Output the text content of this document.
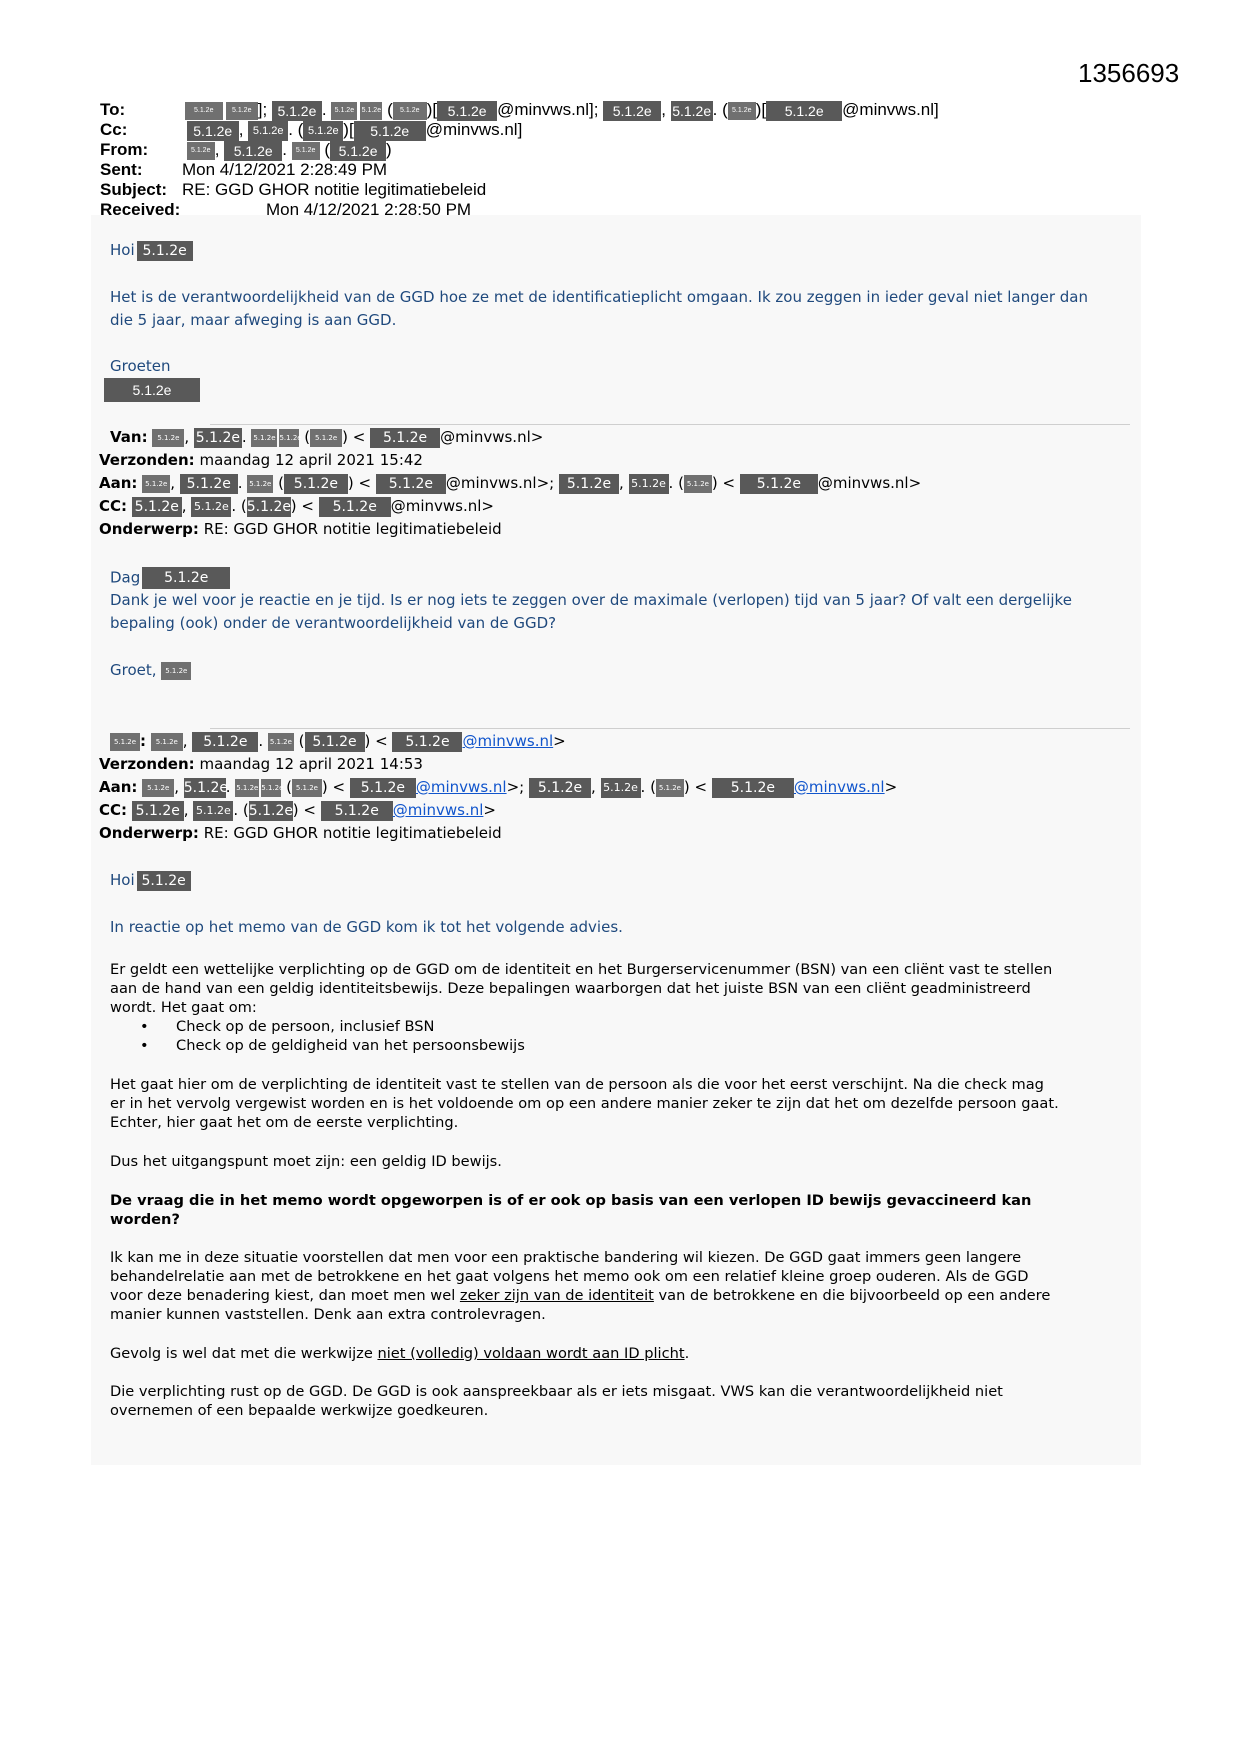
1356693
To:	5.1.2e	5.1.2e ]; 5.1.2e . 5.1.2e 5.1.2e ( 5.1.2e )[ 5.1.2e @minvws.nl]; 5.1.2e , 5.1.2e. ( 5.1.2e )[ 5.1.2e @minvws.nl]
Cc:	5.1.2e , 5.1.2e . ( 5.1.2e )[ 5.1.2e @minvws.nl]
From:	5.1.2e , 5.1.2e . 5.1.2e ( 5.1.2e )
Sent: Mon 4/12/2021 2:28:49 PM
Subject: RE: GGD GHOR notitie legitimatiebeleid
Received:	Mon 4/12/2021 2:28:50 PM
Hoi 5.1.2e
Het is de verantwoordelijkheid van de GGD hoe ze met de identificatieplicht omgaan. Ik zou zeggen in ieder geval niet langer dan
die 5 jaar, maar afweging is aan GGD.
Groeten
5.1.2e
Van: 5.1.2e , 5.1.2e . 5.1.2e 5.1.2e ( 5.1.2e ) < 5.1.2e @minvws.nl>
Verzonden: maandag 12 april 2021 15:42
Aan: 5.1.2e , 5.1.2e . 5.1.2e ( 5.1.2e ) < 5.1.2e @minvws.nl>; 5.1.2e , 5.1.2e . ( 5.1.2e ) < 5.1.2e @minvws.nl>
CC: 5.1.2e , 5.1.2e . (5.1.2e) < 5.1.2e @minvws.nl>
Onderwerp: RE: GGD GHOR notitie legitimatiebeleid
Dag 5.1.2e
Dank je wel voor je reactie en je tijd. Is er nog iets te zeggen over de maximale (verlopen) tijd van 5 jaar? Of valt een dergelijke
bepaling (ook) onder de verantwoordelijkheid van de GGD?
Groet, 5.1.2e
5.1.2e : 5.1.2e , 5.1.2e . 5.1.2e ( 5.1.2e ) < 5.1.2e @minvws.nl>
Verzonden: maandag 12 april 2021 14:53
Aan: 5.1.2e , 5.1.2e. 5.1.2e 5.1.2e ( 5.1.2e ) < 5.1.2e @minvws.nl>; 5.1.2e , 5.1.2e . ( 5.1.2e ) < 5.1.2e @minvws.nl>
CC: 5.1.2e , 5.1.2e . (5.1.2e) < 5.1.2e @minvws.nl>
Onderwerp: RE: GGD GHOR notitie legitimatiebeleid
Hoi 5.1.2e
In reactie op het memo van de GGD kom ik tot het volgende advies.
Er geldt een wettelijke verplichting op de GGD om de identiteit en het Burgerservicenummer (BSN) van een cliënt vast te stellen
aan de hand van een geldig identiteitsbewijs. Deze bepalingen waarborgen dat het juiste BSN van een cliënt geadministreerd
wordt. Het gaat om:
• Check op de persoon, inclusief BSN
• Check op de geldigheid van het persoonsbewijs
Het gaat hier om de verplichting de identiteit vast te stellen van de persoon als die voor het eerst verschijnt. Na die check mag
er in het vervolg vergewist worden en is het voldoende om op een andere manier zeker te zijn dat het om dezelfde persoon gaat.
Echter, hier gaat het om de eerste verplichting.
Dus het uitgangspunt moet zijn: een geldig ID bewijs.
De vraag die in het memo wordt opgeworpen is of er ook op basis van een verlopen ID bewijs gevaccineerd kan
worden?
Ik kan me in deze situatie voorstellen dat men voor een praktische bandering wil kiezen. De GGD gaat immers geen langere
behandelrelatie aan met de betrokkene en het gaat volgens het memo ook om een relatief kleine groep ouderen. Als de GGD
voor deze benadering kiest, dan moet men wel zeker zijn van de identiteit van de betrokkene en die bijvoorbeeld op een andere
manier kunnen vaststellen. Denk aan extra controlevragen.
Gevolg is wel dat met die werkwijze niet (volledig) voldaan wordt aan ID plicht.
Die verplichting rust op de GGD. De GGD is ook aanspreekbaar als er iets misgaat. VWS kan die verantwoordelijkheid niet
overnemen of een bepaalde werkwijze goedkeuren.
